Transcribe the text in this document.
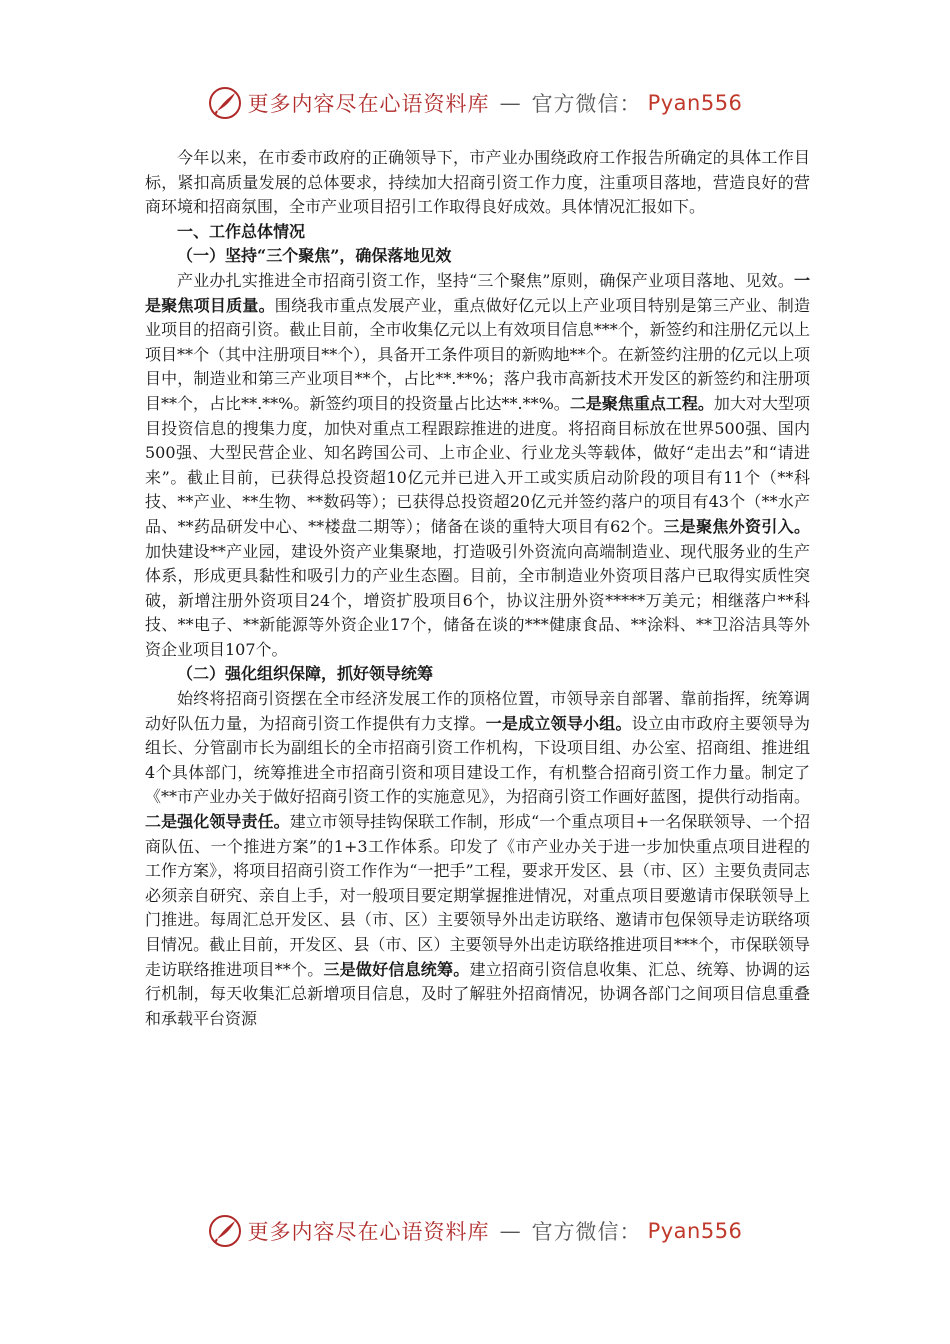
更多内容尽在心语资料库 — 官方微信： Pyan556

今年以来，在市委市政府的正确领导下，市产业办围绕政府工作报告所确定的具体工作目标，紧扣高质量发展的总体要求，持续加大招商引资工作力度，注重项目落地，营造良好的营商环境和招商氛围，全市产业项目招引工作取得良好成效。具体情况汇报如下。

一、工作总体情况

（一）坚持“三个聚焦”，确保落地见效

产业办扎实推进全市招商引资工作，坚持“三个聚焦”原则，确保产业项目落地、见效。一是聚焦项目质量。围绕我市重点发展产业，重点做好亿元以上产业项目特别是第三产业、制造业项目的招商引资。截止目前，全市收集亿元以上有效项目信息***个，新签约和注册亿元以上项目**个（其中注册项目**个），具备开工条件项目的新购地**个。在新签约注册的亿元以上项目中，制造业和第三产业项目**个，占比**.**%；落户我市高新技术开发区的新签约和注册项目**个，占比**.**%。新签约项目的投资量占比达**.**%。二是聚焦重点工程。加大对大型项目投资信息的搜集力度，加快对重点工程跟踪推进的进度。将招商目标放在世界500强、国内500强、大型民营企业、知名跨国公司、上市企业、行业龙头等载体，做好“走出去”和“请进来”。截止目前，已获得总投资超10亿元并已进入开工或实质启动阶段的项目有11个（**科技、**产业、**生物、**数码等）；已获得总投资超20亿元并签约落户的项目有43个（**水产品、**药品研发中心、**楼盘二期等）；储备在谈的重特大项目有62个。三是聚焦外资引入。加快建设**产业园，建设外资产业集聚地，打造吸引外资流向高端制造业、现代服务业的生产体系，形成更具黏性和吸引力的产业生态圈。目前，全市制造业外资项目落户已取得实质性突破，新增注册外资项目24个，增资扩股项目6个，协议注册外资*****万美元；相继落户**科技、**电子、**新能源等外资企业17个，储备在谈的***健康食品、**涂料、**卫浴洁具等外资企业项目107个。

（二）强化组织保障，抓好领导统筹

始终将招商引资摆在全市经济发展工作的顶格位置，市领导亲自部署、靠前指挥，统筹调动好队伍力量，为招商引资工作提供有力支撑。一是成立领导小组。设立由市政府主要领导为组长、分管副市长为副组长的全市招商引资工作机构，下设项目组、办公室、招商组、推进组4个具体部门，统筹推进全市招商引资和项目建设工作，有机整合招商引资工作力量。制定了《**市产业办关于做好招商引资工作的实施意见》，为招商引资工作画好蓝图，提供行动指南。二是强化领导责任。建立市领导挂钩保联工作制，形成“一个重点项目+一名保联领导、一个招商队伍、一个推进方案”的1+3工作体系。印发了《市产业办关于进一步加快重点项目进程的工作方案》，将项目招商引资工作作为“一把手”工程，要求开发区、县（市、区）主要负责同志必须亲自研究、亲自上手，对一般项目要定期掌握推进情况，对重点项目要邀请市保联领导上门推进。每周汇总开发区、县（市、区）主要领导外出走访联络、邀请市包保领导走访联络项目情况。截止目前，开发区、县（市、区）主要领导外出走访联络推进项目***个，市保联领导走访联络推进项目**个。三是做好信息统筹。建立招商引资信息收集、汇总、统筹、协调的运行机制，每天收集汇总新增项目信息，及时了解驻外招商情况，协调各部门之间项目信息重叠和承载平台资源

更多内容尽在心语资料库 — 官方微信： Pyan556
